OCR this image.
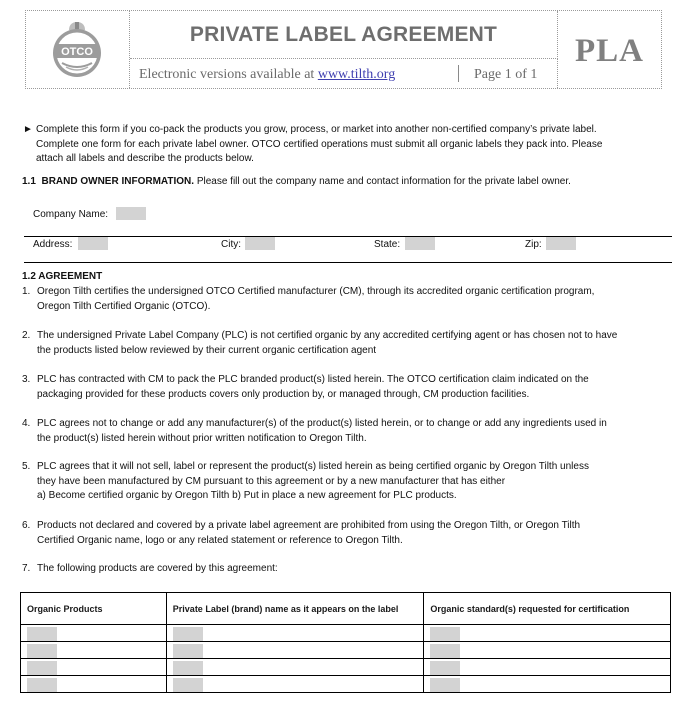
OTCO
PRIVATE LABEL AGREEMENT
Electronic versions available at www.tilth.org	Page 1 of 1
PLA
► Complete this form if you co-pack the products you grow, process, or market into another non-certified company’s private label.
Complete one form for each private label owner. OTCO certified operations must submit all organic labels they pack into. Please
attach all labels and describe the products below.
1.1 BRAND OWNER INFORMATION. Please fill out the company name and contact information for the private label owner.
Company Name:
Address:	City:	State:	Zip:
1.2 AGREEMENT
1. Oregon Tilth certifies the undersigned OTCO Certified manufacturer (CM), through its accredited organic certification program,
Oregon Tilth Certified Organic (OTCO).
2. The undersigned Private Label Company (PLC) is not certified organic by any accredited certifying agent or has chosen not to have
the products listed below reviewed by their current organic certification agent
3. PLC has contracted with CM to pack the PLC branded product(s) listed herein. The OTCO certification claim indicated on the
packaging provided for these products covers only production by, or managed through, CM production facilities.
4. PLC agrees not to change or add any manufacturer(s) of the product(s) listed herein, or to change or add any ingredients used in
the product(s) listed herein without prior written notification to Oregon Tilth.
5. PLC agrees that it will not sell, label or represent the product(s) listed herein as being certified organic by Oregon Tilth unless
they have been manufactured by CM pursuant to this agreement or by a new manufacturer that has either
a) Become certified organic by Oregon Tilth b) Put in place a new agreement for PLC products.
6. Products not declared and covered by a private label agreement are prohibited from using the Oregon Tilth, or Oregon Tilth
Certified Organic name, logo or any related statement or reference to Oregon Tilth.
7. The following products are covered by this agreement:
Organic Products	Private Label (brand) name as it appears on the label	Organic standard(s) requested for certification
